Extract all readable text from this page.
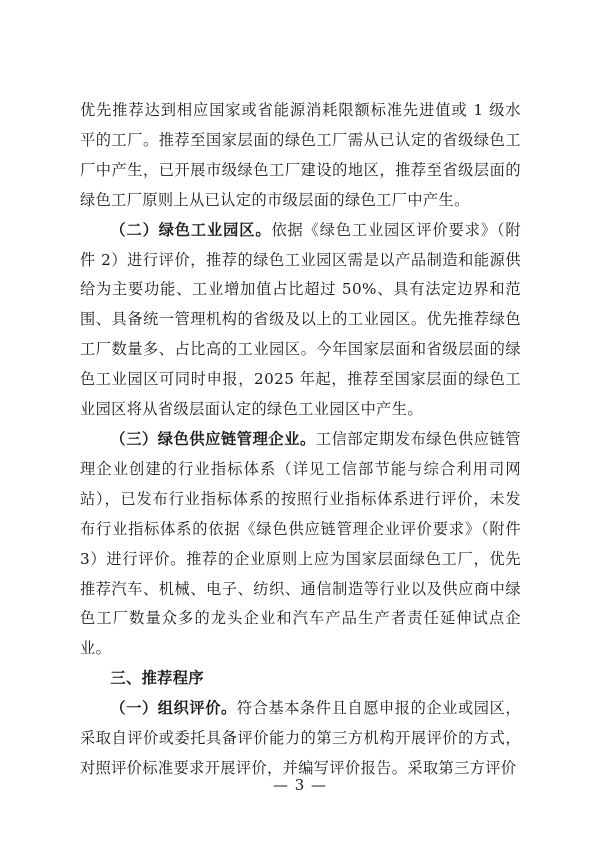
优先推荐达到相应国家或省能源消耗限额标准先进值或 1 级水平的工厂。推荐至国家层面的绿色工厂需从已认定的省级绿色工厂中产生，已开展市级绿色工厂建设的地区，推荐至省级层面的绿色工厂原则上从已认定的市级层面的绿色工厂中产生。

（二）绿色工业园区。依据《绿色工业园区评价要求》（附件 2）进行评价，推荐的绿色工业园区需是以产品制造和能源供给为主要功能、工业增加值占比超过 50%、具有法定边界和范围、具备统一管理机构的省级及以上的工业园区。优先推荐绿色工厂数量多、占比高的工业园区。今年国家层面和省级层面的绿色工业园区可同时申报，2025 年起，推荐至国家层面的绿色工业园区将从省级层面认定的绿色工业园区中产生。

（三）绿色供应链管理企业。工信部定期发布绿色供应链管理企业创建的行业指标体系（详见工信部节能与综合利用司网站），已发布行业指标体系的按照行业指标体系进行评价，未发布行业指标体系的依据《绿色供应链管理企业评价要求》（附件 3）进行评价。推荐的企业原则上应为国家层面绿色工厂，优先推荐汽车、机械、电子、纺织、通信制造等行业以及供应商中绿色工厂数量众多的龙头企业和汽车产品生产者责任延伸试点企业。

三、推荐程序

（一）组织评价。符合基本条件且自愿申报的企业或园区，采取自评价或委托具备评价能力的第三方机构开展评价的方式，对照评价标准要求开展评价，并编写评价报告。采取第三方评价

— 3 —
